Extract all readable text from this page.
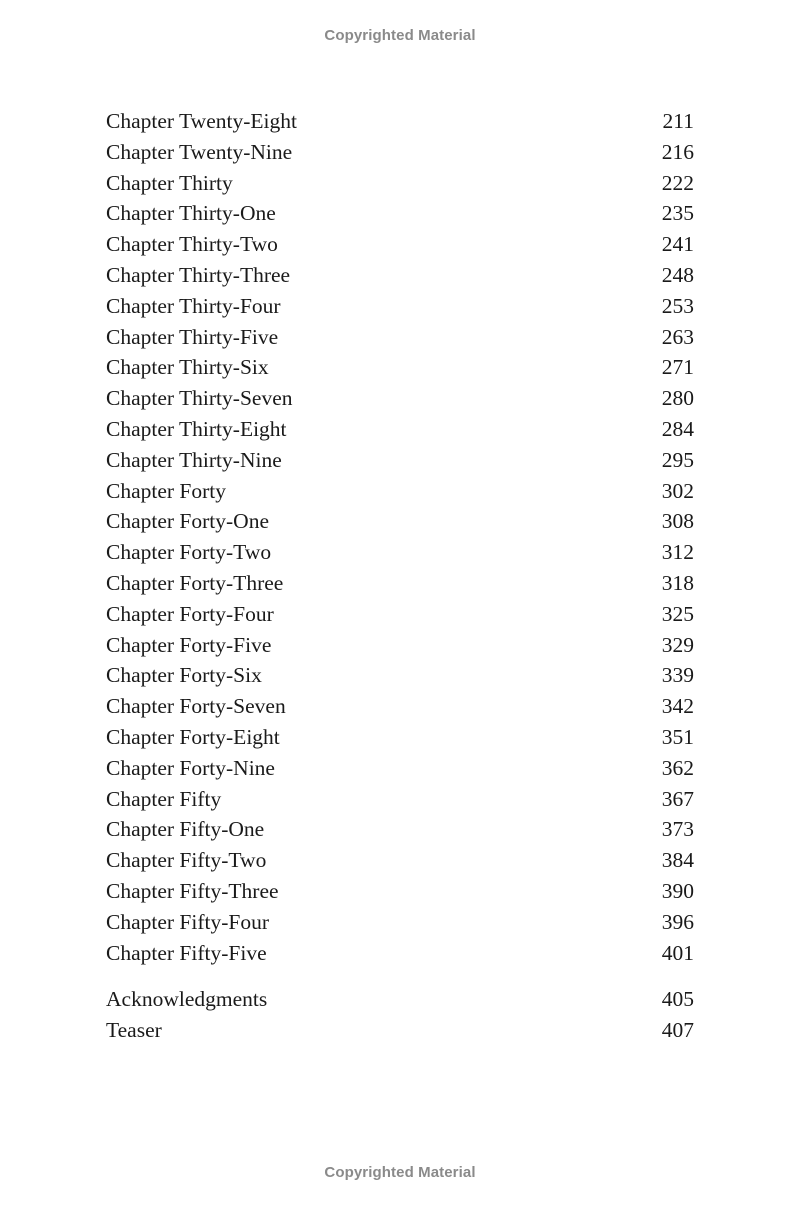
Copyrighted Material
Chapter Twenty-Eight	211
Chapter Twenty-Nine	216
Chapter Thirty	222
Chapter Thirty-One	235
Chapter Thirty-Two	241
Chapter Thirty-Three	248
Chapter Thirty-Four	253
Chapter Thirty-Five	263
Chapter Thirty-Six	271
Chapter Thirty-Seven	280
Chapter Thirty-Eight	284
Chapter Thirty-Nine	295
Chapter Forty	302
Chapter Forty-One	308
Chapter Forty-Two	312
Chapter Forty-Three	318
Chapter Forty-Four	325
Chapter Forty-Five	329
Chapter Forty-Six	339
Chapter Forty-Seven	342
Chapter Forty-Eight	351
Chapter Forty-Nine	362
Chapter Fifty	367
Chapter Fifty-One	373
Chapter Fifty-Two	384
Chapter Fifty-Three	390
Chapter Fifty-Four	396
Chapter Fifty-Five	401
Acknowledgments	405
Teaser	407
Copyrighted Material
